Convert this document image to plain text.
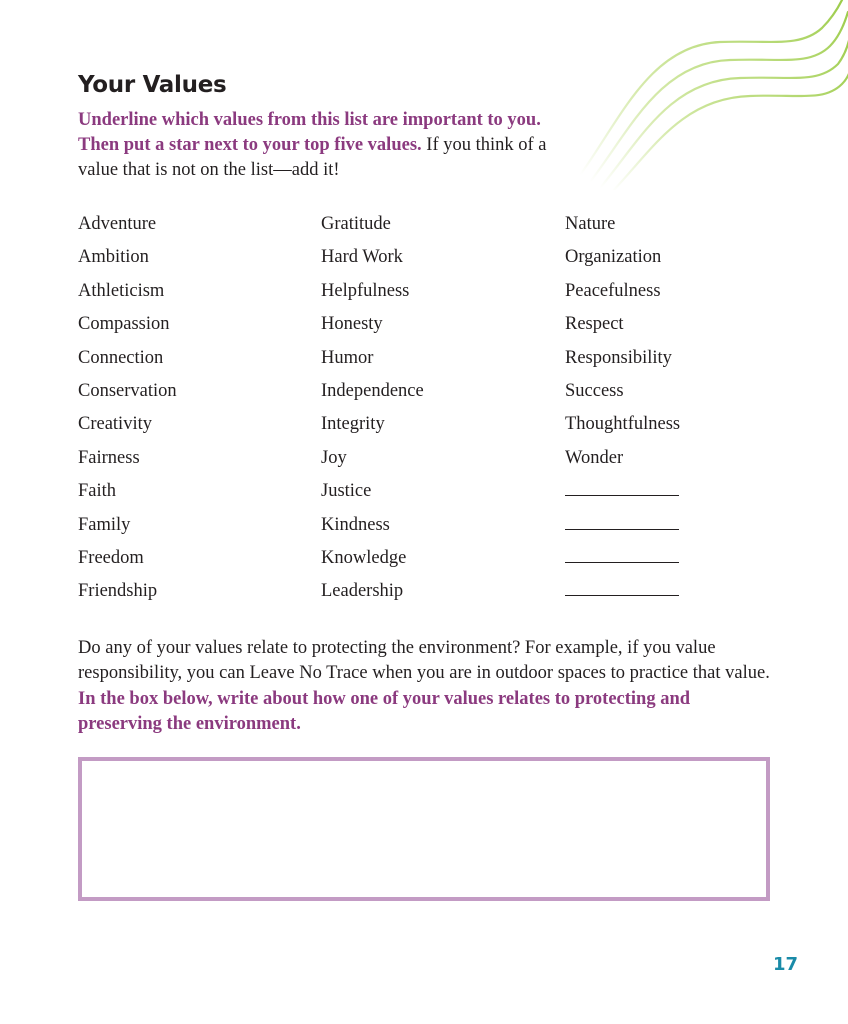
Your Values

Underline which values from this list are important to you. Then put a star next to your top five values. If you think of a value that is not on the list—add it!

Adventure
Ambition
Athleticism
Compassion
Connection
Conservation
Creativity
Fairness
Faith
Family
Freedom
Friendship
Gratitude
Hard Work
Helpfulness
Honesty
Humor
Independence
Integrity
Joy
Justice
Kindness
Knowledge
Leadership
Nature
Organization
Peacefulness
Respect
Responsibility
Success
Thoughtfulness
Wonder

Do any of your values relate to protecting the environment? For example, if you value responsibility, you can Leave No Trace when you are in outdoor spaces to practice that value. In the box below, write about how one of your values relates to protecting and preserving the environment.

17
